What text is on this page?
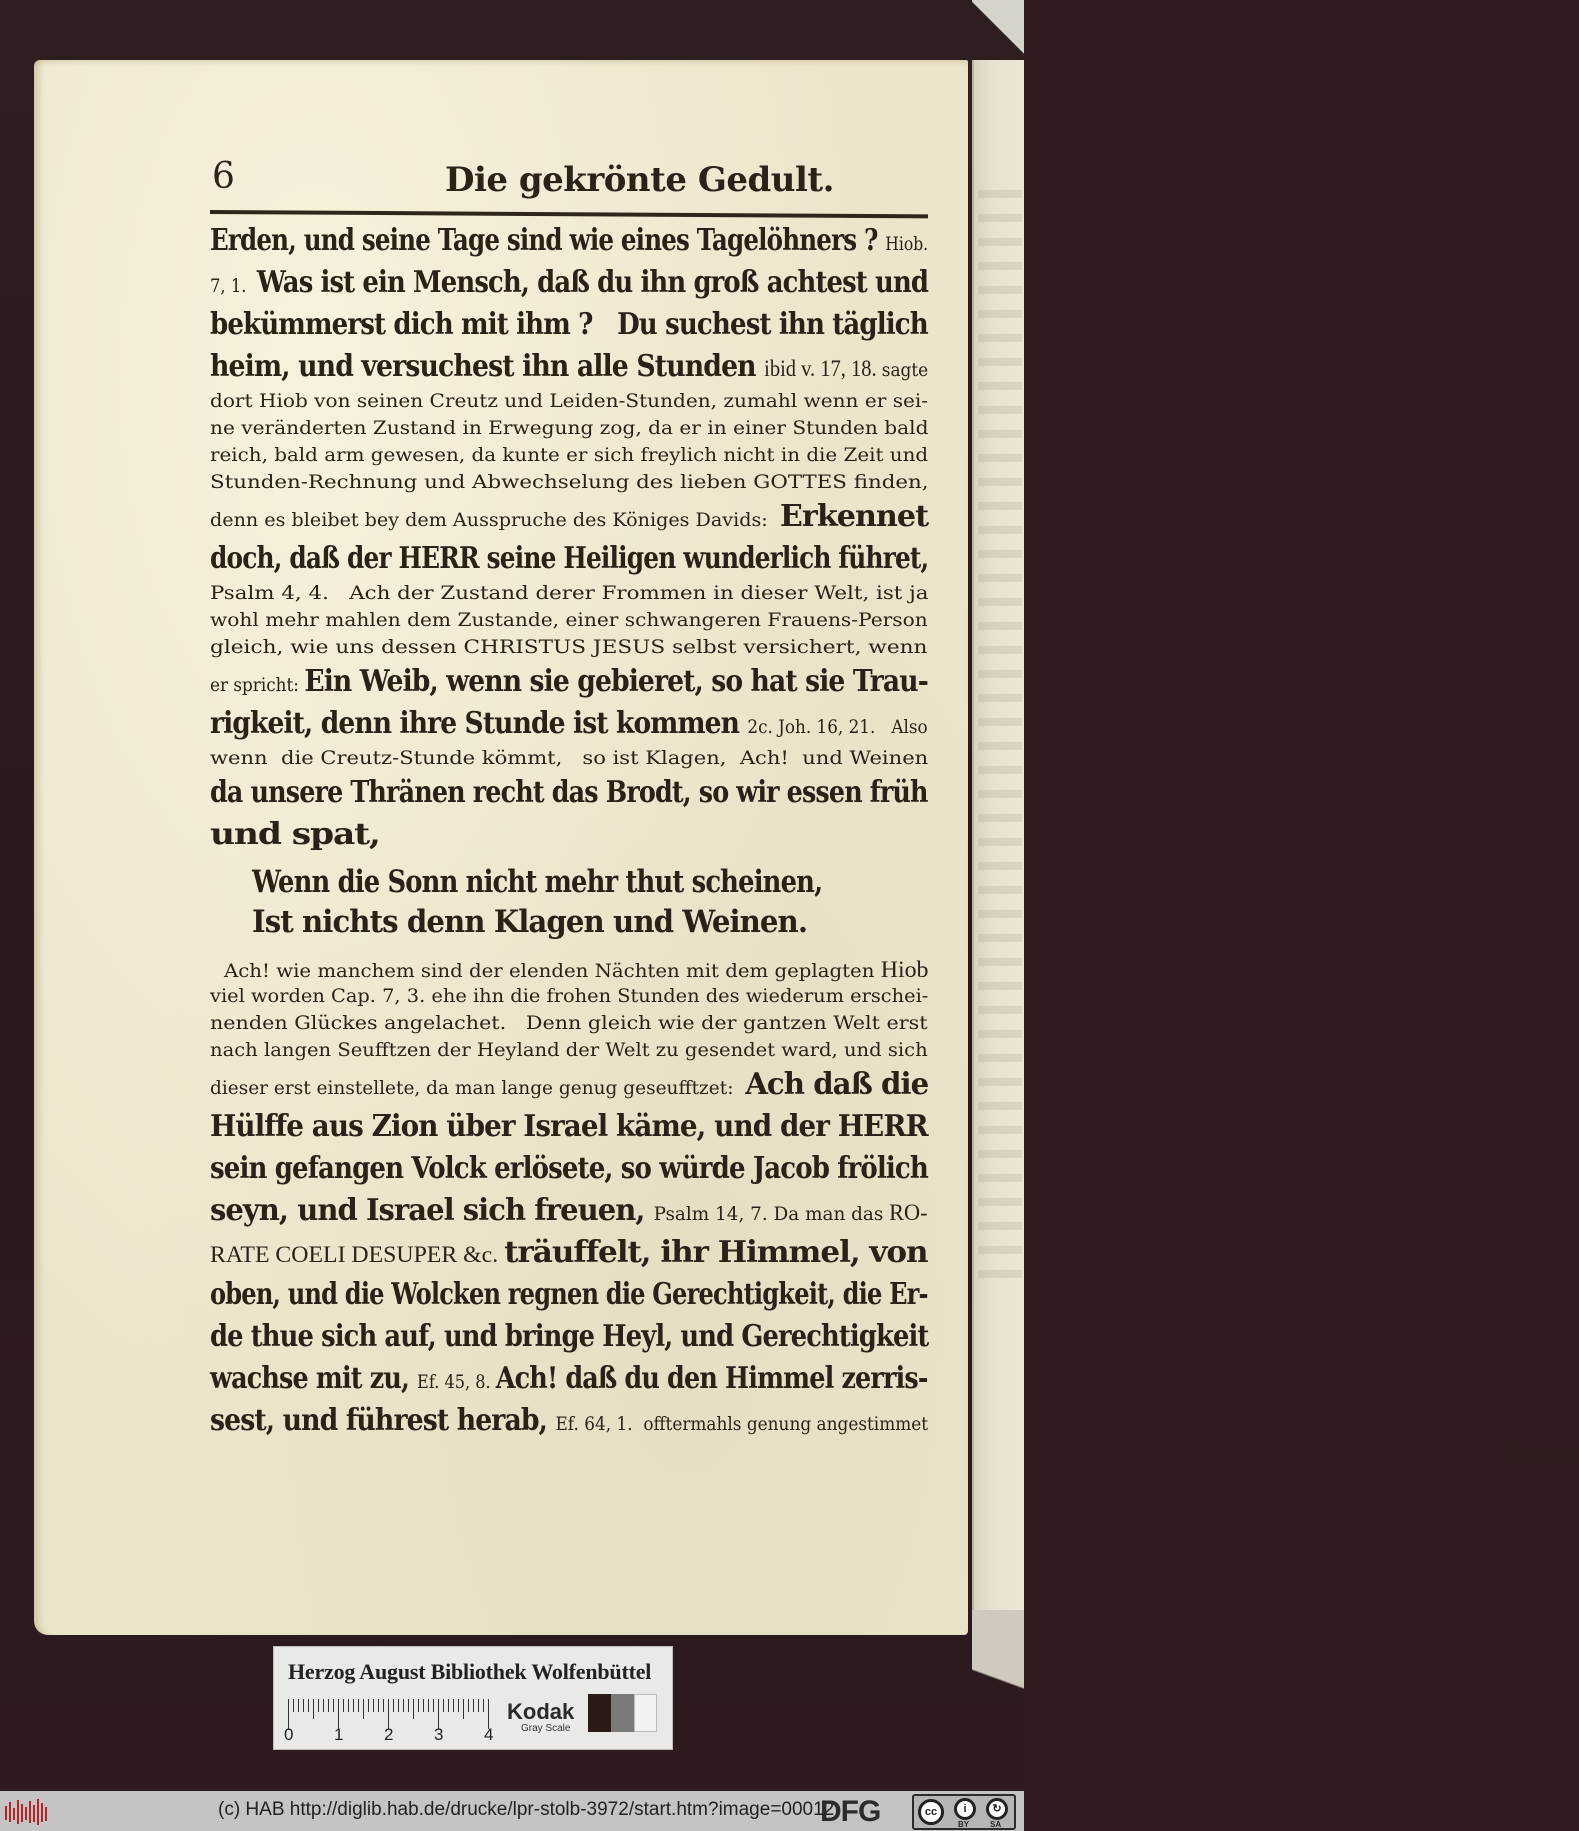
6	Die gekrönte Gedult.
Erden, und seine Tage sind wie eines Tagelöhners ? Hiob.
7, 1.  Was ist ein Mensch, daß du ihn groß achtest und
bekümmerst dich mit ihm ?   Du suchest ihn täglich
heim, und versuchest ihn alle Stunden ibid v. 17, 18. sagte
dort Hiob von seinen Creutz und Leiden-Stunden, zumahl wenn er sei-
ne veränderten Zustand in Erwegung zog, da er in einer Stunden bald
reich, bald arm gewesen, da kunte er sich freylich nicht in die Zeit und
Stunden-Rechnung und Abwechselung des lieben GOTTES finden,
denn es bleibet bey dem Ausspruche des Königes Davids:  Erkennet
doch, daß der HERR seine Heiligen wunderlich führet,
Psalm 4, 4.   Ach der Zustand derer Frommen in dieser Welt, ist ja
wohl mehr mahlen dem Zustande, einer schwangeren Frauens-Person
gleich, wie uns dessen CHRISTUS JESUS selbst versichert, wenn
er spricht: Ein Weib, wenn sie gebieret, so hat sie Trau-
rigkeit, denn ihre Stunde ist kommen 2c. Joh. 16, 21.   Also
wenn  die Creutz-Stunde kömmt,   so ist Klagen,  Ach!  und Weinen
da unsere Thränen recht das Brodt, so wir essen früh
und spat,
Wenn die Sonn nicht mehr thut scheinen,
Ist nichts denn Klagen und Weinen.
Ach! wie manchem sind der elenden Nächten mit dem geplagten Hiob
viel worden Cap. 7, 3. ehe ihn die frohen Stunden des wiederum erschei-
nenden Glückes angelachet.   Denn gleich wie der gantzen Welt erst
nach langen Seufftzen der Heyland der Welt zu gesendet ward, und sich
dieser erst einstellete, da man lange genug geseufftzet:  Ach daß die
Hülffe aus Zion über Israel käme, und der HERR
sein gefangen Volck erlösete, so würde Jacob frölich
seyn, und Israel sich freuen, Psalm 14, 7. Da man das RO-
RATE COELI DESUPER &c. träuffelt, ihr Himmel, von
oben, und die Wolcken regnen die Gerechtigkeit, die Er-
de thue sich auf, und bringe Heyl, und Gerechtigkeit
wachse mit zu, Ef. 45, 8. Ach! daß du den Himmel zerris-
sest, und führest herab, Ef. 64, 1.  offtermahls genung angestimmet
hatte ;
Herzog August Bibliothek Wolfenbüttel
Kodak
Gray Scale
0 1 2 3 4
(c) HAB http://diglib.hab.de/drucke/lpr-stolb-3972/start.htm?image=00012
DFG	cc	i	↻
BY	SA
